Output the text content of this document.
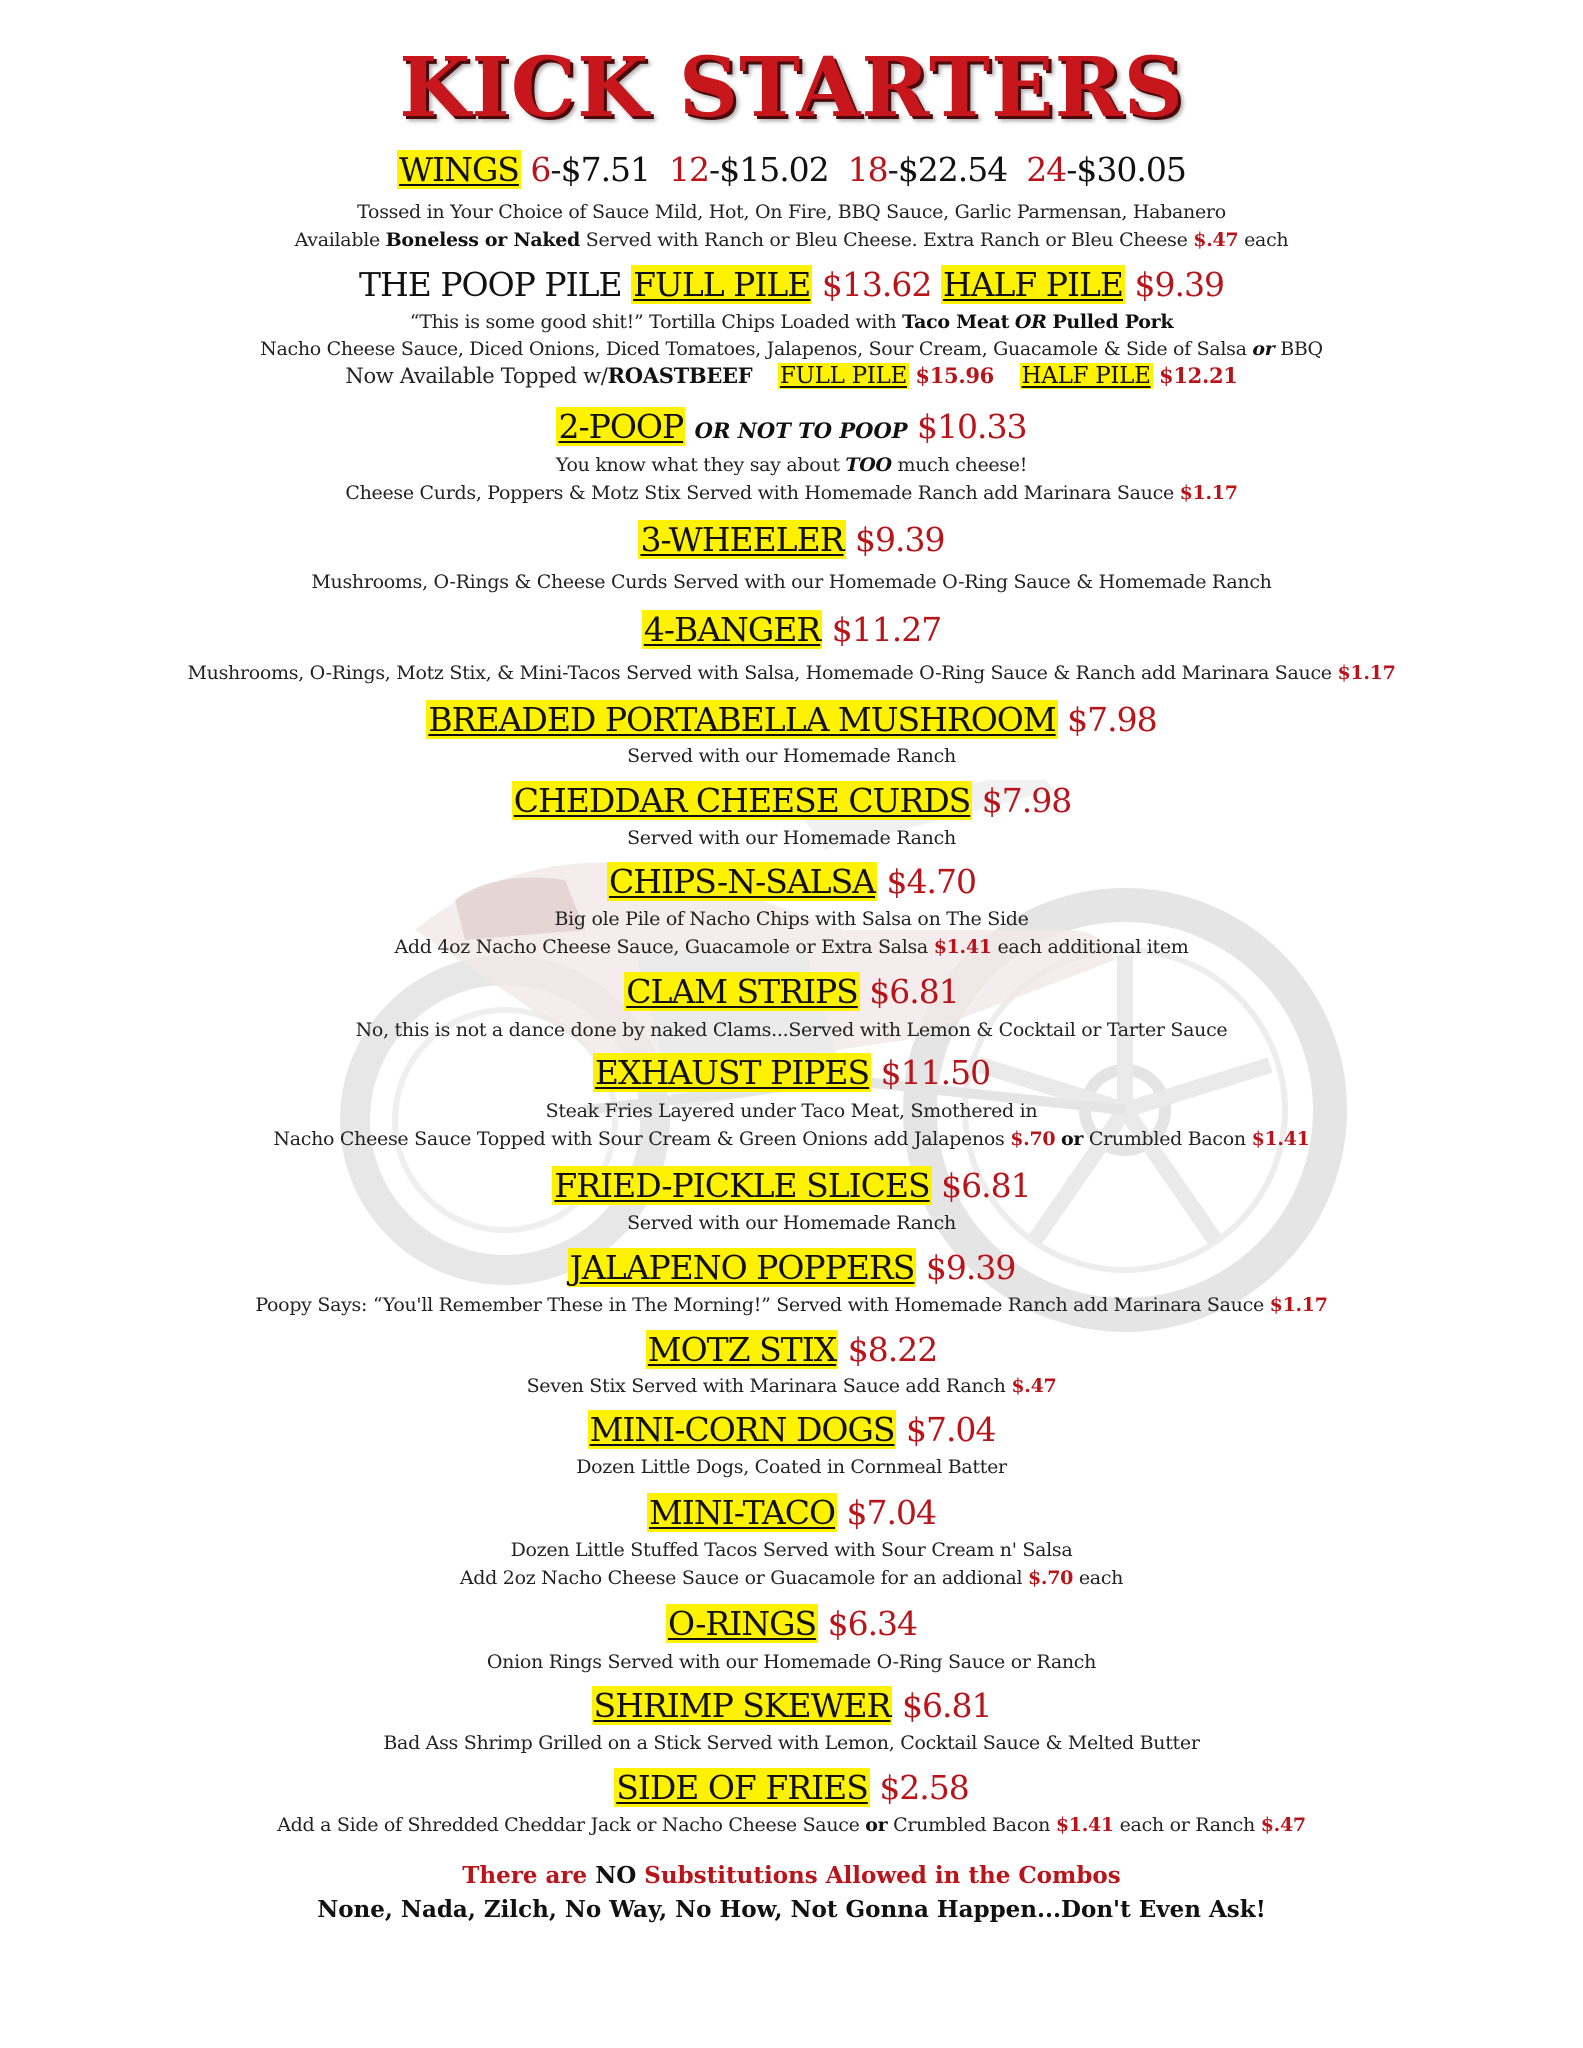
KICK STARTERS
WINGS 6-$7.51 12-$15.02 18-$22.54 24-$30.05
Tossed in Your Choice of Sauce Mild, Hot, On Fire, BBQ Sauce, Garlic Parmensan, Habanero
Available Boneless or Naked Served with Ranch or Bleu Cheese. Extra Ranch or Bleu Cheese $.47 each
THE POOP PILE FULL PILE $13.62 HALF PILE $9.39
“This is some good shit!” Tortilla Chips Loaded with Taco Meat OR Pulled Pork
Nacho Cheese Sauce, Diced Onions, Diced Tomatoes, Jalapenos, Sour Cream, Guacamole & Side of Salsa or BBQ
Now Available Topped w/ROASTBEEF FULL PILE $15.96 HALF PILE $12.21
2-POOP OR NOT TO POOP $10.33
You know what they say about TOO much cheese!
Cheese Curds, Poppers & Motz Stix Served with Homemade Ranch add Marinara Sauce $1.17
3-WHEELER $9.39
Mushrooms, O-Rings & Cheese Curds Served with our Homemade O-Ring Sauce & Homemade Ranch
4-BANGER $11.27
Mushrooms, O-Rings, Motz Stix, & Mini-Tacos Served with Salsa, Homemade O-Ring Sauce & Ranch add Marinara Sauce $1.17
BREADED PORTABELLA MUSHROOM $7.98
Served with our Homemade Ranch
CHEDDAR CHEESE CURDS $7.98
Served with our Homemade Ranch
CHIPS-N-SALSA $4.70
Big ole Pile of Nacho Chips with Salsa on The Side
Add 4oz Nacho Cheese Sauce, Guacamole or Extra Salsa $1.41 each additional item
CLAM STRIPS $6.81
No, this is not a dance done by naked Clams...Served with Lemon & Cocktail or Tarter Sauce
EXHAUST PIPES $11.50
Steak Fries Layered under Taco Meat, Smothered in
Nacho Cheese Sauce Topped with Sour Cream & Green Onions add Jalapenos $.70 or Crumbled Bacon $1.41
FRIED-PICKLE SLICES $6.81
Served with our Homemade Ranch
JALAPENO POPPERS $9.39
Poopy Says: “You'll Remember These in The Morning!” Served with Homemade Ranch add Marinara Sauce $1.17
MOTZ STIX $8.22
Seven Stix Served with Marinara Sauce add Ranch $.47
MINI-CORN DOGS $7.04
Dozen Little Dogs, Coated in Cornmeal Batter
MINI-TACO $7.04
Dozen Little Stuffed Tacos Served with Sour Cream n' Salsa
Add 2oz Nacho Cheese Sauce or Guacamole for an addional $.70 each
O-RINGS $6.34
Onion Rings Served with our Homemade O-Ring Sauce or Ranch
SHRIMP SKEWER $6.81
Bad Ass Shrimp Grilled on a Stick Served with Lemon, Cocktail Sauce & Melted Butter
SIDE OF FRIES $2.58
Add a Side of Shredded Cheddar Jack or Nacho Cheese Sauce or Crumbled Bacon $1.41 each or Ranch $.47
There are NO Substitutions Allowed in the Combos
None, Nada, Zilch, No Way, No How, Not Gonna Happen...Don't Even Ask!
